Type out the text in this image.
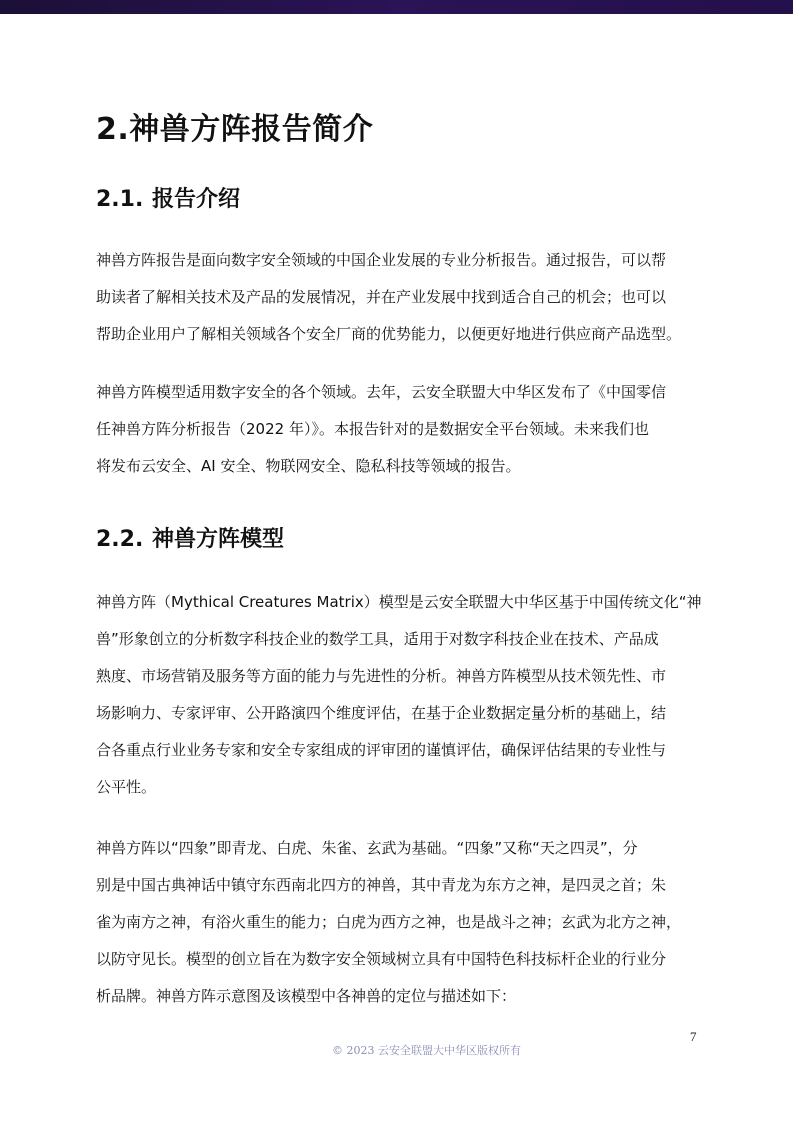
2.神兽方阵报告简介
2.1. 报告介绍

神兽方阵报告是面向数字安全领域的中国企业发展的专业分析报告。通过报告，可以帮
助读者了解相关技术及产品的发展情况，并在产业发展中找到适合自己的机会；也可以
帮助企业用户了解相关领域各个安全厂商的优势能力，以便更好地进行供应商产品选型。

神兽方阵模型适用数字安全的各个领域。去年，云安全联盟大中华区发布了《中国零信
任神兽方阵分析报告（2022 年）》。本报告针对的是数据安全平台领域。未来我们也
将发布云安全、AI 安全、物联网安全、隐私科技等领域的报告。

2.2. 神兽方阵模型

神兽方阵（Mythical Creatures Matrix）模型是云安全联盟大中华区基于中国传统文化“神
兽”形象创立的分析数字科技企业的数学工具，适用于对数字科技企业在技术、产品成
熟度、市场营销及服务等方面的能力与先进性的分析。神兽方阵模型从技术领先性、市
场影响力、专家评审、公开路演四个维度评估，在基于企业数据定量分析的基础上，结
合各重点行业业务专家和安全专家组成的评审团的谨慎评估，确保评估结果的专业性与
公平性。

神兽方阵以“四象”即青龙、白虎、朱雀、玄武为基础。“四象”又称“天之四灵”，分
别是中国古典神话中镇守东西南北四方的神兽，其中青龙为东方之神，是四灵之首；朱
雀为南方之神，有浴火重生的能力；白虎为西方之神，也是战斗之神；玄武为北方之神，
以防守见长。模型的创立旨在为数字安全领域树立具有中国特色科技标杆企业的行业分
析品牌。神兽方阵示意图及该模型中各神兽的定位与描述如下：

7
© 2023 云安全联盟大中华区版权所有
